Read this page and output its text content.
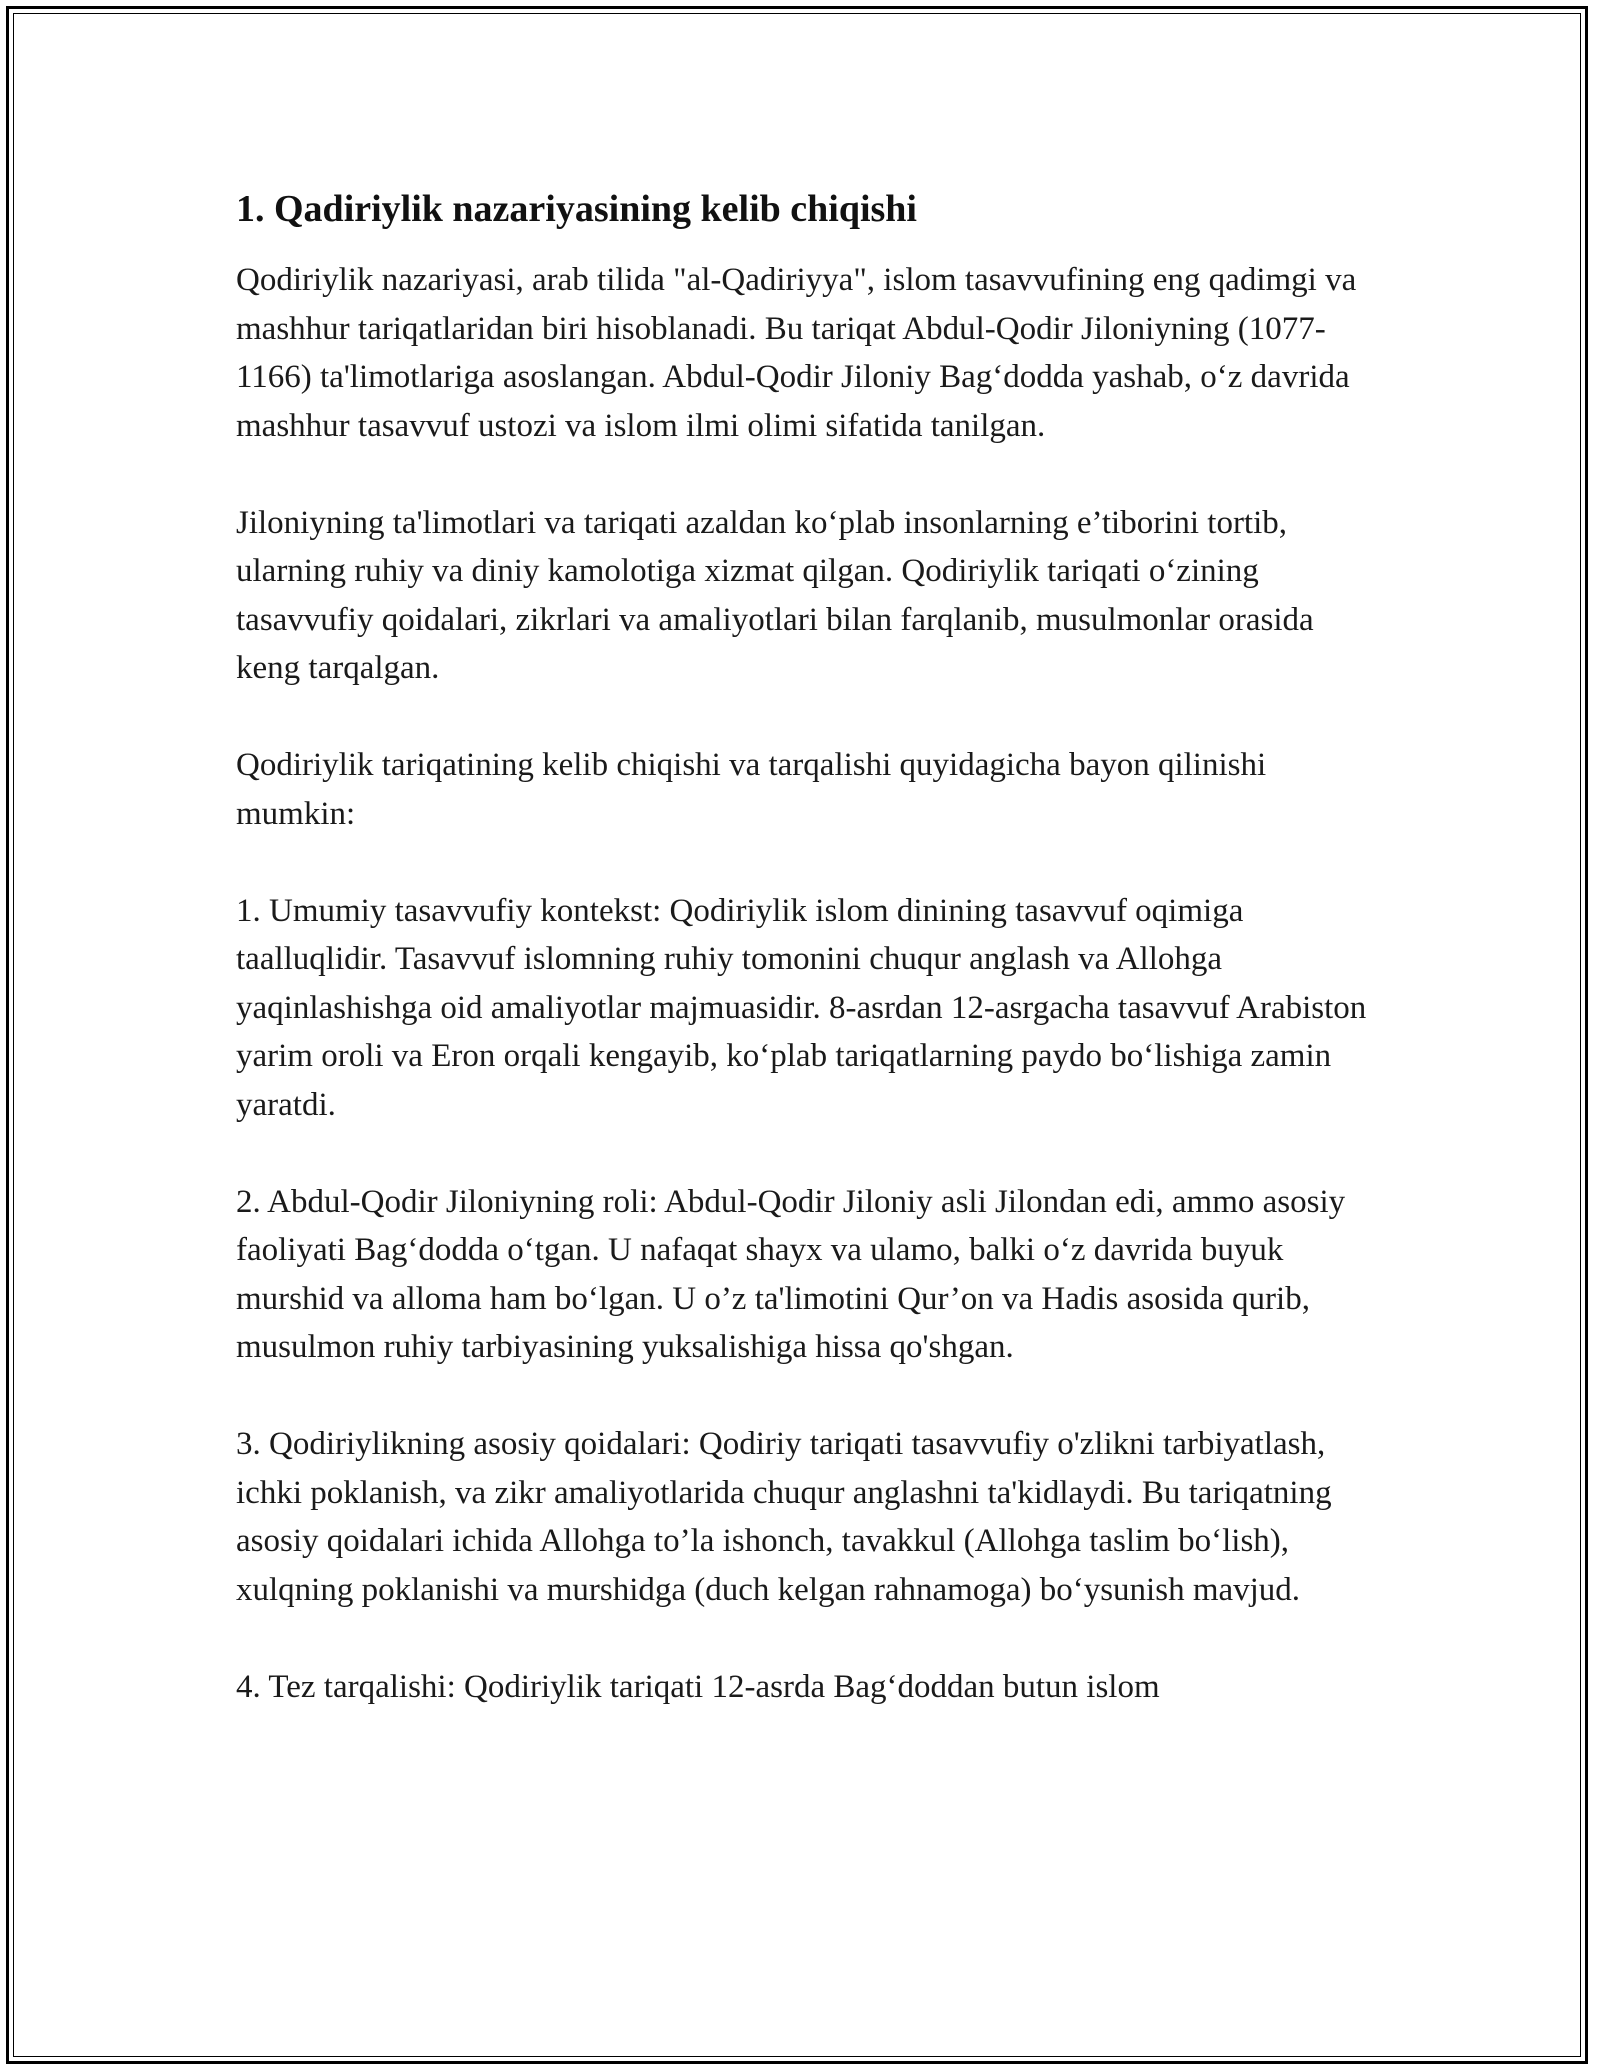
1. Qadiriylik nazariyasining kelib chiqishi

Qodiriylik nazariyasi, arab tilida "al-Qadiriyya", islom tasavvufining eng qadimgi va mashhur tariqatlaridan biri hisoblanadi. Bu tariqat Abdul-Qodir Jiloniyning (1077-1166) ta'limotlariga asoslangan. Abdul-Qodir Jiloniy Bag‘dodda yashab, o‘z davrida mashhur tasavvuf ustozi va islom ilmi olimi sifatida tanilgan.

Jiloniyning ta'limotlari va tariqati azaldan ko‘plab insonlarning e’tiborini tortib, ularning ruhiy va diniy kamolotiga xizmat qilgan. Qodiriylik tariqati o‘zining tasavvufiy qoidalari, zikrlari va amaliyotlari bilan farqlanib, musulmonlar orasida keng tarqalgan.

Qodiriylik tariqatining kelib chiqishi va tarqalishi quyidagicha bayon qilinishi mumkin:

1. Umumiy tasavvufiy kontekst: Qodiriylik islom dinining tasavvuf oqimiga taalluqlidir. Tasavvuf islomning ruhiy tomonini chuqur anglash va Allohga yaqinlashishga oid amaliyotlar majmuasidir. 8-asrdan 12-asrgacha tasavvuf Arabiston yarim oroli va Eron orqali kengayib, ko‘plab tariqatlarning paydo bo‘lishiga zamin yaratdi.

2. Abdul-Qodir Jiloniyning roli: Abdul-Qodir Jiloniy asli Jilondan edi, ammo asosiy faoliyati Bag‘dodda o‘tgan. U nafaqat shayx va ulamo, balki o‘z davrida buyuk murshid va alloma ham bo‘lgan. U o’z ta'limotini Qur’on va Hadis asosida qurib, musulmon ruhiy tarbiyasining yuksalishiga hissa qo'shgan.

3. Qodiriylikning asosiy qoidalari: Qodiriy tariqati tasavvufiy o'zlikni tarbiyatlash, ichki poklanish, va zikr amaliyotlarida chuqur anglashni ta'kidlaydi. Bu tariqatning asosiy qoidalari ichida Allohga to’la ishonch, tavakkul (Allohga taslim bo‘lish), xulqning poklanishi va murshidga (duch kelgan rahnamoga) bo‘ysunish mavjud.

4. Tez tarqalishi: Qodiriylik tariqati 12-asrda Bag‘doddan butun islom
